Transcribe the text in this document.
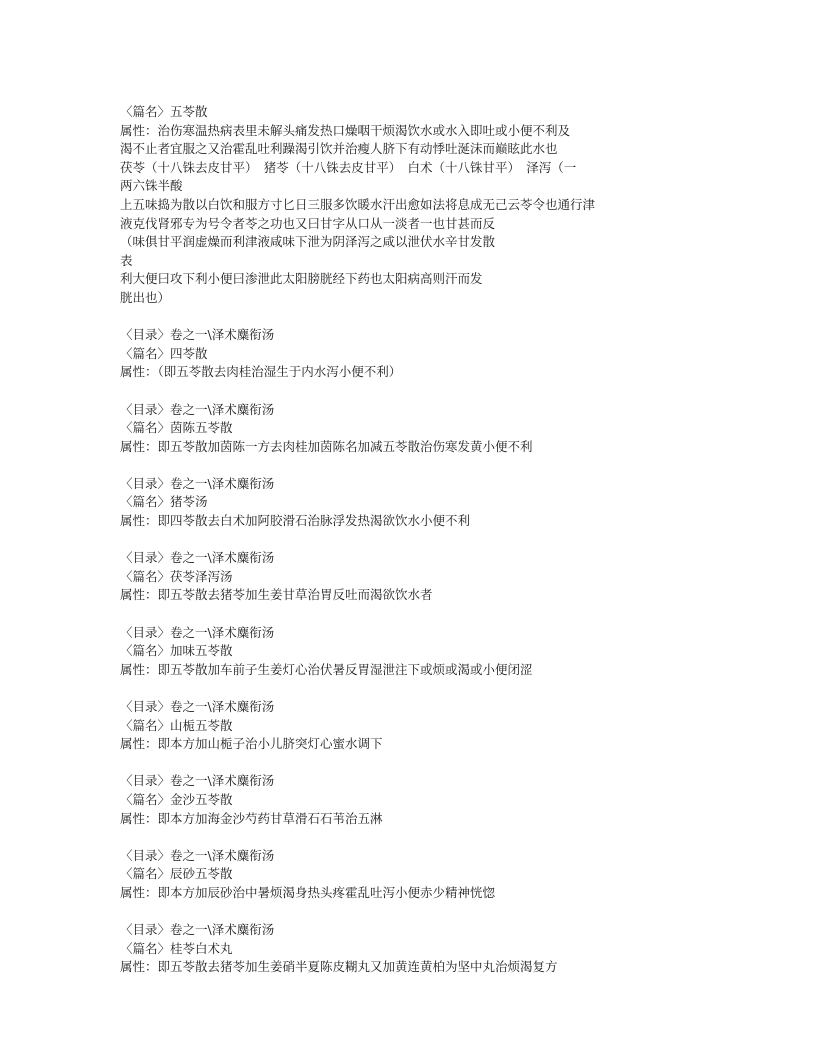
〈篇名〉五苓散
属性：治伤寒温热病表里未解头痛发热口燥咽干烦渴饮水或水入即吐或小便不利及
渴不止者宜服之又治霍乱吐利躁渴引饮并治瘦人脐下有动悸吐涎沫而巅眩此水也
茯苓（十八铢去皮甘平）　猪苓（十八铢去皮甘平）　白术（十八铢甘平）　泽泻（一
两六铢半酸
上五味捣为散以白饮和服方寸匕日三服多饮暖水汗出愈如法将息成无己云苓令也通行津
液克伐肾邪专为号令者苓之功也又曰甘字从口从一淡者一也甘甚而反
（味俱甘平润虚燥而利津液咸味下泄为阴泽泻之咸以泄伏水辛甘发散
表
利大便曰攻下利小便曰渗泄此太阳膀胱经下药也太阳病高则汗而发
胱出也）
〈目录〉卷之一\泽术麋衔汤
〈篇名〉四苓散
属性：（即五苓散去肉桂治湿生于内水泻小便不利）
〈目录〉卷之一\泽术麋衔汤
〈篇名〉茵陈五苓散
属性：即五苓散加茵陈一方去肉桂加茵陈名加减五苓散治伤寒发黄小便不利
〈目录〉卷之一\泽术麋衔汤
〈篇名〉猪苓汤
属性：即四苓散去白术加阿胶滑石治脉浮发热渴欲饮水小便不利
〈目录〉卷之一\泽术麋衔汤
〈篇名〉茯苓泽泻汤
属性：即五苓散去猪苓加生姜甘草治胃反吐而渴欲饮水者
〈目录〉卷之一\泽术麋衔汤
〈篇名〉加味五苓散
属性：即五苓散加车前子生姜灯心治伏暑反胃湿泄注下或烦或渴或小便闭涩
〈目录〉卷之一\泽术麋衔汤
〈篇名〉山栀五苓散
属性：即本方加山栀子治小儿脐突灯心蜜水调下
〈目录〉卷之一\泽术麋衔汤
〈篇名〉金沙五苓散
属性：即本方加海金沙芍药甘草滑石石苇治五淋
〈目录〉卷之一\泽术麋衔汤
〈篇名〉辰砂五苓散
属性：即本方加辰砂治中暑烦渴身热头疼霍乱吐泻小便赤少精神恍惚
〈目录〉卷之一\泽术麋衔汤
〈篇名〉桂苓白术丸
属性：即五苓散去猪苓加生姜硝半夏陈皮糊丸又加黄连黄柏为坚中丸治烦渴复方
